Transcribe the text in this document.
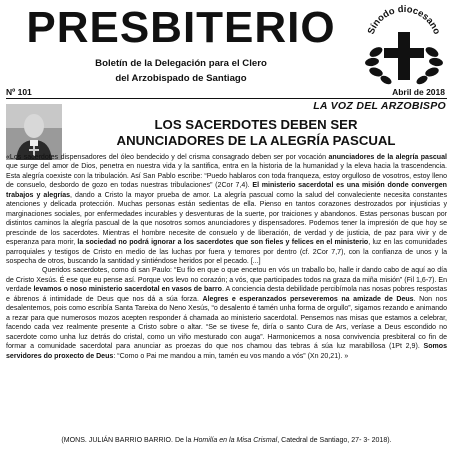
PRESBITERIO
Boletín de la Delegación para el Clero
del Arzobispado de Santiago
Sínodo diocesano
Nº 101	Abril de 2018
LA VOZ DEL ARZOBISPO
LOS SACERDOTES DEBEN SER
ANUNCIADORES DE LA ALEGRÍA PASCUAL

«Los sacerdotes dispensadores del óleo bendecido y del crisma consagrado deben ser por vocación anunciadores de la alegría pascual que surge del amor de Dios, penetra en nuestra vida y la santifica, entra en la historia de la humanidad y la eleva hacia la trascendencia. Esta alegría coexiste con la tribulación. Así San Pablo escribe: “Puedo hablaros con toda franqueza, estoy orgulloso de vosotros, estoy lleno de consuelo, desbordo de gozo en todas nuestras tribulaciones” (2Cor 7,4). El ministerio sacerdotal es una misión donde convergen trabajos y alegrías, dando a Cristo la mayor prueba de amor. La alegría pascual como la salud del convaleciente necesita constantes atenciones y delicada protección. Muchas personas están sedientas de ella. Pienso en tantos corazones destrozados por injusticias y marginaciones sociales, por enfermedades incurables y desventuras de la suerte, por traiciones y abandonos. Estas personas buscan por distintos caminos la alegría pascual de la que nosotros somos anunciadores y dispensadores. Podemos tener la impresión de que hoy se prescinde de los sacerdotes. Mientras el hombre necesite de consuelo y de liberación, de verdad y de justicia, de paz para vivir y de esperanza para morir, la sociedad no podrá ignorar a los sacerdotes que son fieles y felices en el ministerio, luz en las comunidades parroquiales y testigos de Cristo en medio de las luchas por fuera y temores por dentro (cf. 2Cor 7,7), con la confianza de unos y la sospecha de otros, buscando la santidad y sintiéndose heridos por el pecado. [...]

Queridos sacerdotes, como di san Paulo: “Eu fío en que o que encetou en vós un traballo bo, halle ir dando cabo de aquí ao día de Cristo Xesús. É ese que eu pense así. Porque vos levo no corazón; a vós, que participades todos na graza da miña misión” (Fil 1,6-7). En verdade levamos o noso ministerio sacerdotal en vasos de barro. A conciencia desta debilidade percibímola nas nosas pobres respostas e ábrenos á intimidade de Deus que nos dá a súa forza. Alegres e esperanzados perseveremos na amizade de Deus. Non nos desalentemos, pois como escribía Santa Tareixa do Neno Xesús, “o desalento é tamén unha forma de orgullo”, sigamos rezando e animando a rezar para que numerosos mozos acepten responder á chamada ao ministerio sacerdotal. Pensemos nas misas que estamos a celebrar, facendo cada vez realmente presente a Cristo sobre o altar. “Se se tivese fe, diría o santo Cura de Ars, veríase a Deus escondido no sacerdote como unha luz detrás do cristal, como un viño mesturado con auga”. Harmonicemos a nosa convivencia presbiteral co fin de formar a comunidade sacerdotal para anunciar as proezas do que nos chamou das tebras á súa luz marabillosa (1Pt 2,9). Somos servidores do proxecto de Deus: “Como o Pai me mandou a min, tamén eu vos mando a vós” (Xn 20,21). »

(MONS. JULIÁN BARRIO BARRIO. De la Homilía en la Misa Crismal, Catedral de Santiago, 27- 3- 2018).
